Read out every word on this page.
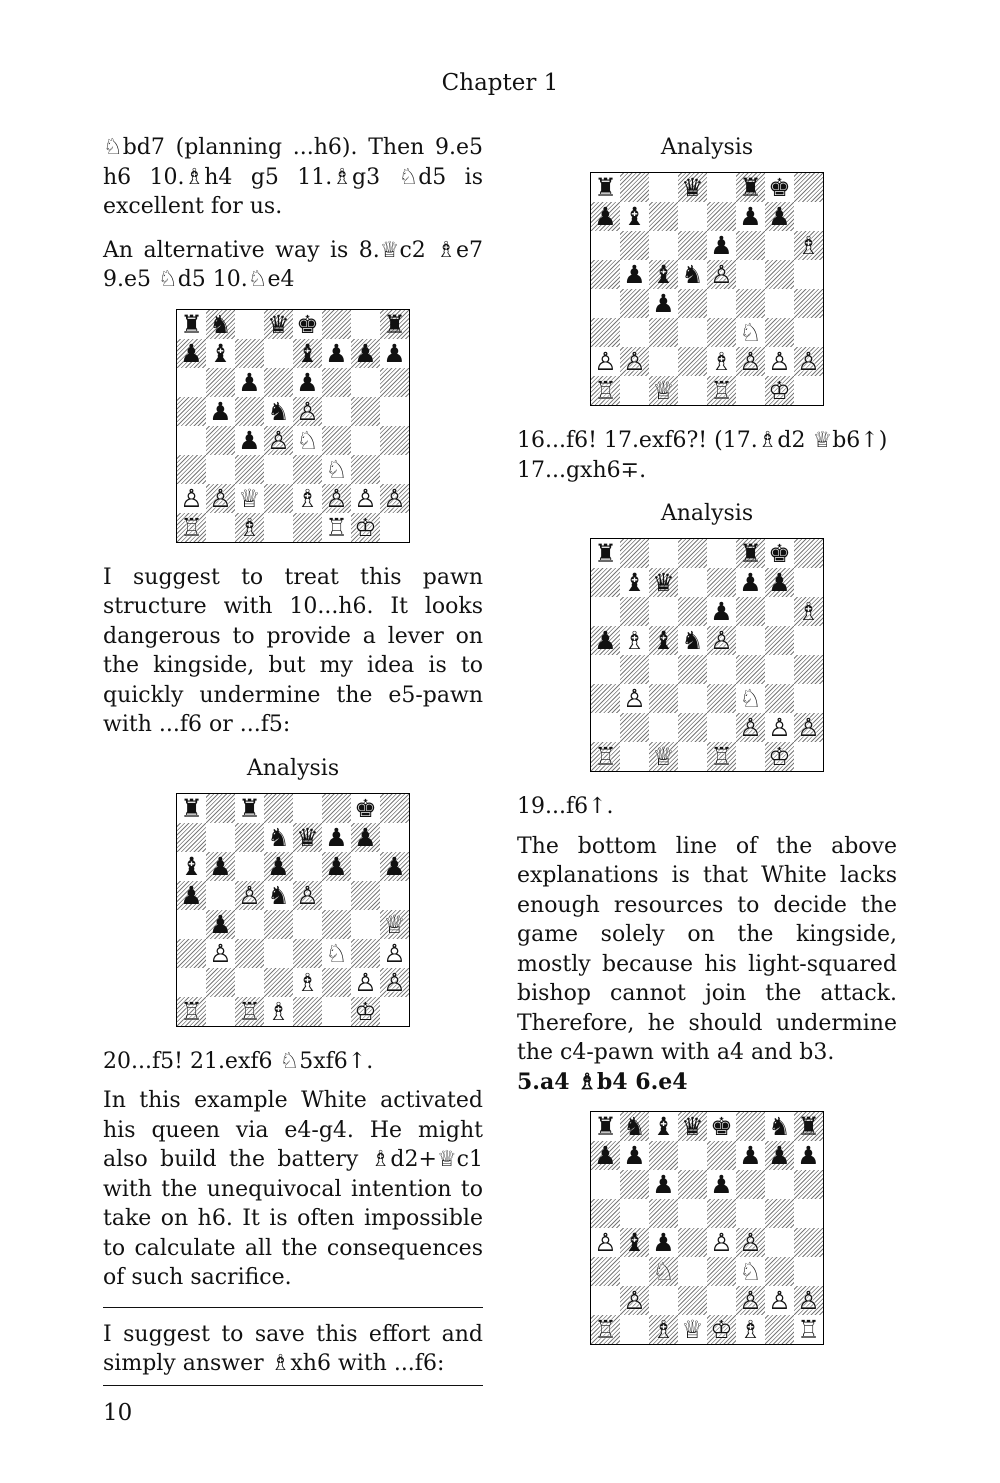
Chapter 1

♘bd7 (planning ...h6). Then 9.e5 h6 10.♗h4 g5 11.♗g3 ♘d5 is excellent for us.

An alternative way is 8.♕c2 ♗e7 9.e5 ♘d5 10.♘e4

♜ ♞ ♛ ♚	♜
♟ ♝	♝ ♟ ♟ ♟
♟ ♟
♟ ♞ ♙
♟ ♙ ♘
♘
♙ ♙ ♕ ♗ ♙ ♙ ♙
♖ ♗	♖ ♔

I suggest to treat this pawn structure with 10...h6. It looks dangerous to provide a lever on the kingside, but my idea is to quickly undermine the e5-pawn with ...f6 or ...f5:

Analysis
♜ ♜	♚
♞ ♛ ♟ ♟
♝ ♟ ♟ ♟ ♟
♟ ♙ ♞ ♙
♟	♕
♙	♘ ♙
♗ ♙ ♙
♖ ♖ ♗	♔

20...f5! 21.exf6 ♘5xf6↑.

In this example White activated his queen via e4-g4. He might also build the battery ♗d2+♕c1 with the unequivocal intention to take on h6. It is often impossible to calculate all the consequences of such sacrifice.

I suggest to save this effort and simply answer ♗xh6 with ...f6:

Analysis
♜	♛ ♜ ♚
♟ ♝	♟ ♟
♟	♗
♟ ♝ ♞ ♙
♟
♘
♙ ♙	♗ ♙ ♙ ♙
♖ ♕ ♖ ♔

16...f6! 17.exf6?! (17.♗d2 ♕b6↑) 17...gxh6∓.

Analysis
♜	♜ ♚
♝ ♛	♟ ♟
♟	♗
♟ ♗ ♝ ♞ ♙
♙	♘
♙ ♙ ♙
♖ ♕ ♖ ♔

19...f6↑.

The bottom line of the above explanations is that White lacks enough resources to decide the game solely on the kingside, mostly because his light-squared bishop cannot join the attack. Therefore, he should undermine the c4-pawn with a4 and b3.

5.a4 ♗b4 6.e4

♜ ♞ ♝ ♛ ♚ ♞ ♜
♟ ♟	♟ ♟ ♟
♟ ♟
♙ ♝ ♟ ♙ ♙
♘	♘
♙	♙ ♙ ♙
♖ ♗ ♕ ♔ ♗ ♖
10
